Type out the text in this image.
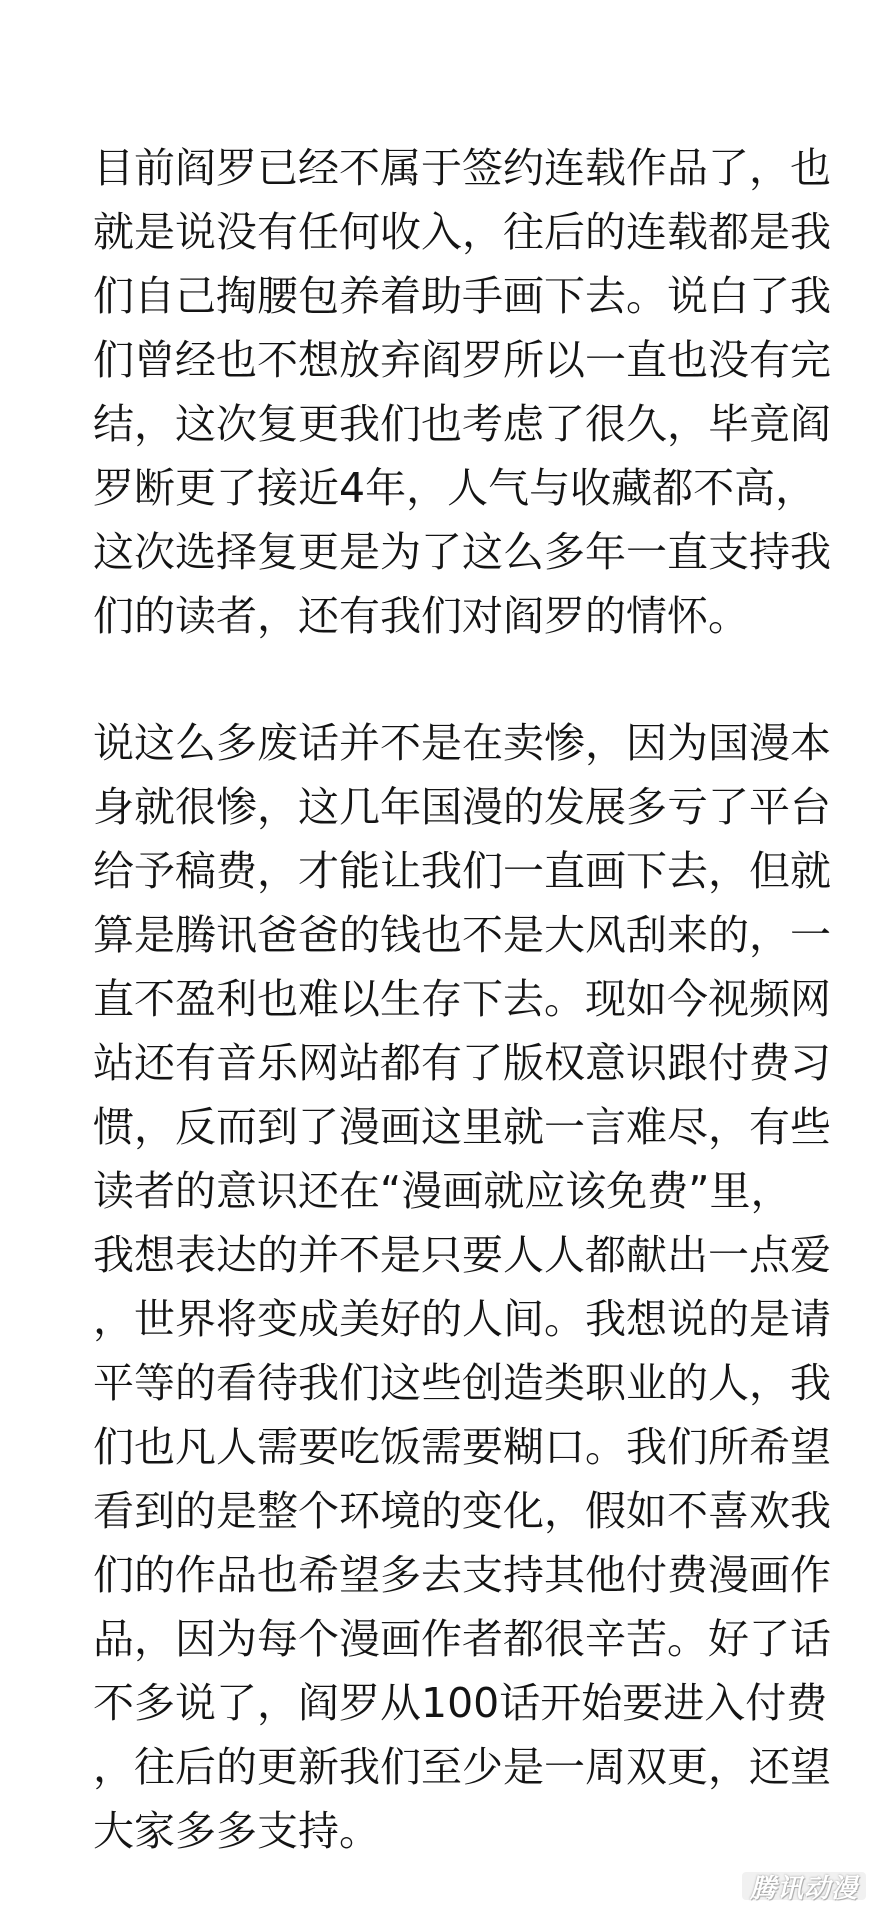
目前阎罗已经不属于签约连载作品了，也
就是说没有任何收入，往后的连载都是我
们自己掏腰包养着助手画下去。说白了我
们曾经也不想放弃阎罗所以一直也没有完
结，这次复更我们也考虑了很久，毕竟阎
罗断更了接近4年，人气与收藏都不高，
这次选择复更是为了这么多年一直支持我
们的读者，还有我们对阎罗的情怀。
说这么多废话并不是在卖惨，因为国漫本
身就很惨，这几年国漫的发展多亏了平台
给予稿费，才能让我们一直画下去，但就
算是腾讯爸爸的钱也不是大风刮来的，一
直不盈利也难以生存下去。现如今视频网
站还有音乐网站都有了版权意识跟付费习
惯，反而到了漫画这里就一言难尽，有些
读者的意识还在“漫画就应该免费”里，
我想表达的并不是只要人人都献出一点爱
，世界将变成美好的人间。我想说的是请
平等的看待我们这些创造类职业的人，我
们也凡人需要吃饭需要糊口。我们所希望
看到的是整个环境的变化，假如不喜欢我
们的作品也希望多去支持其他付费漫画作
品，因为每个漫画作者都很辛苦。好了话
不多说了，阎罗从100话开始要进入付费
，往后的更新我们至少是一周双更，还望
大家多多支持。
腾讯动漫
